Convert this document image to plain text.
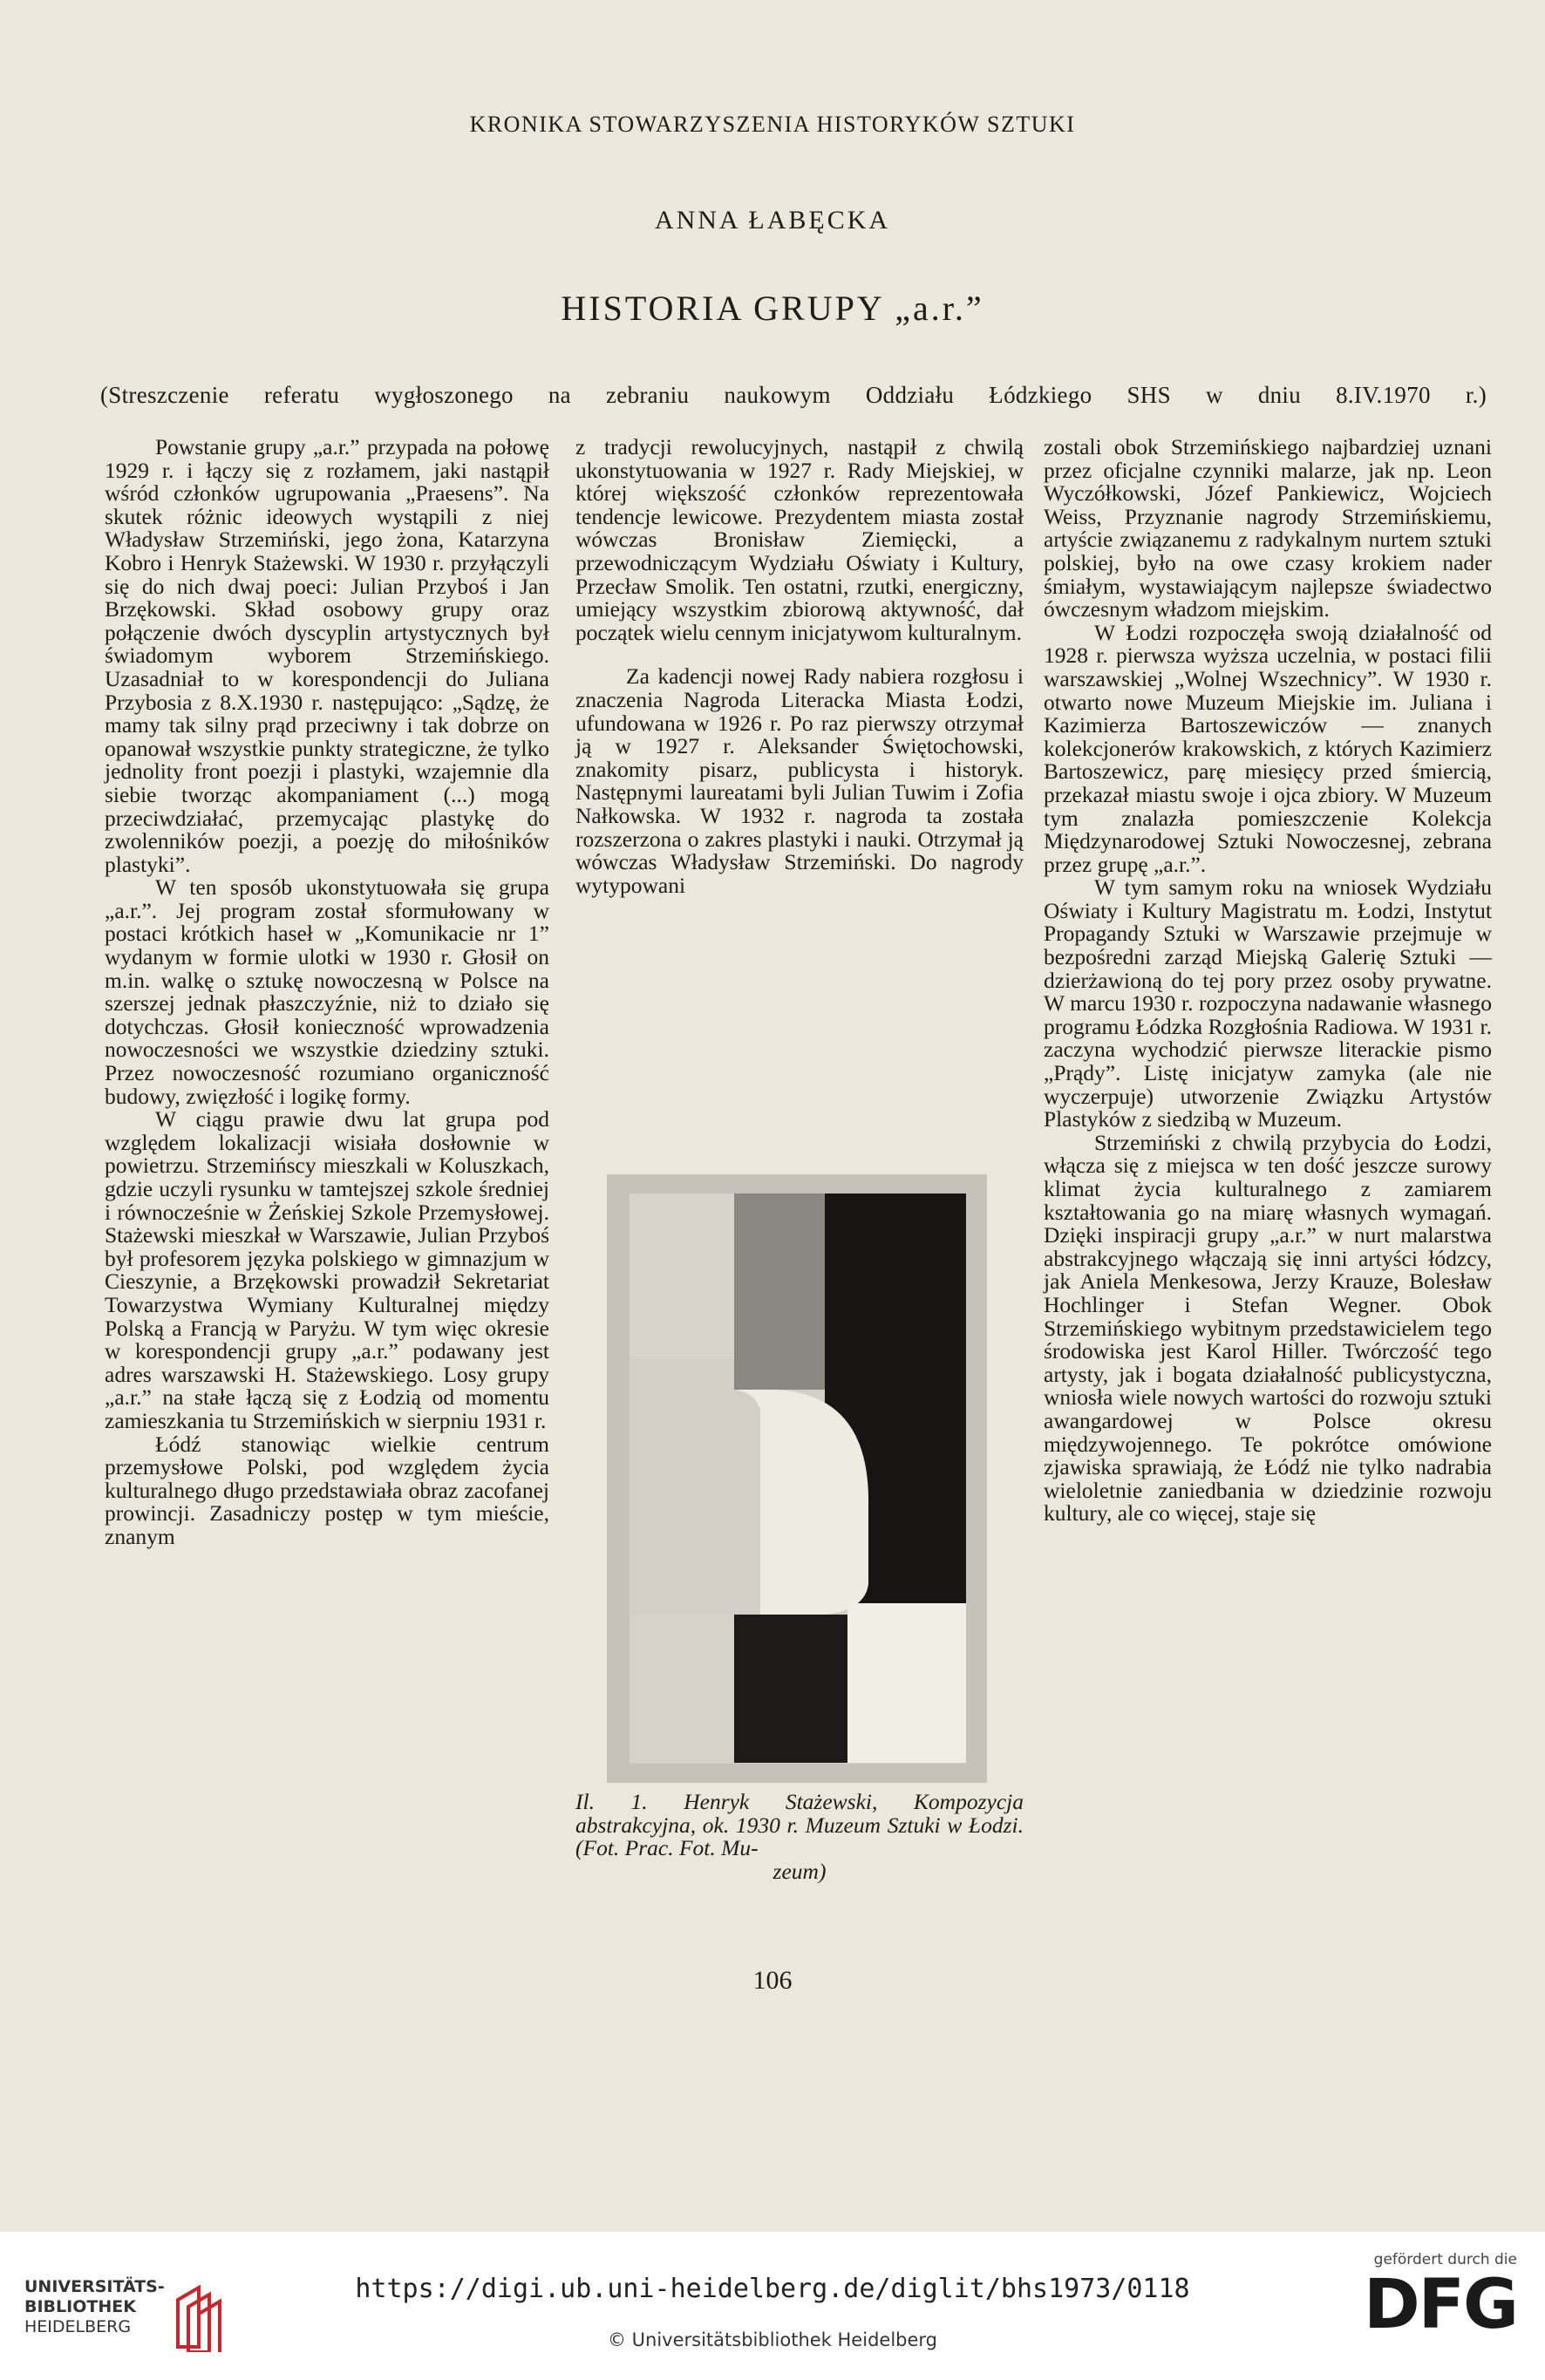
KRONIKA STOWARZYSZENIA HISTORYKÓW SZTUKI
ANNA ŁABĘCKA
HISTORIA GRUPY „a.r.”
(Streszczenie referatu wygłoszonego na zebraniu naukowym Oddziału Łódzkiego SHS w dniu 8.IV.1970 r.)

Powstanie grupy „a.r.” przypada na połowę 1929 r. i łączy się z rozłamem, jaki nastąpił wśród członków ugrupowania „Praesens”. Na skutek różnic ideowych wystąpili z niej Władysław Strzemiński, jego żona, Katarzyna Kobro i Henryk Stażewski. W 1930 r. przyłączyli się do nich dwaj poeci: Julian Przyboś i Jan Brzękowski. Skład osobowy grupy oraz połączenie dwóch dyscyplin artystycznych był świadomym wyborem Strzemińskiego. Uzasadniał to w korespondencji do Juliana Przybosia z 8.X.1930 r. następująco: „Sądzę, że mamy tak silny prąd przeciwny i tak dobrze on opanował wszystkie punkty strategiczne, że tylko jednolity front poezji i plastyki, wzajemnie dla siebie tworząc akompaniament (...) mogą przeciwdziałać, przemycając plastykę do zwolenników poezji, a poezję do miłośników plastyki”.

W ten sposób ukonstytuowała się grupa „a.r.”. Jej program został sformułowany w postaci krótkich haseł w „Komunikacie nr 1” wydanym w formie ulotki w 1930 r. Głosił on m.in. walkę o sztukę nowoczesną w Polsce na szerszej jednak płaszczyźnie, niż to działo się dotychczas. Głosił konieczność wprowadzenia nowoczesności we wszystkie dziedziny sztuki. Przez nowoczesność rozumiano organiczność budowy, zwięzłość i logikę formy.

W ciągu prawie dwu lat grupa pod względem lokalizacji wisiała dosłownie w powietrzu. Strzemińscy mieszkali w Koluszkach, gdzie uczyli rysunku w tamtejszej szkole średniej i równocześnie w Żeńskiej Szkole Przemysłowej. Stażewski mieszkał w Warszawie, Julian Przyboś był profesorem języka polskiego w gimnazjum w Cieszynie, a Brzękowski prowadził Sekretariat Towarzystwa Wymiany Kulturalnej między Polską a Francją w Paryżu. W tym więc okresie w korespondencji grupy „a.r.” podawany jest adres warszawski H. Stażewskiego. Losy grupy „a.r.” na stałe łączą się z Łodzią od momentu zamieszkania tu Strzemińskich w sierpniu 1931 r.

Łódź stanowiąc wielkie centrum przemysłowe Polski, pod względem życia kulturalnego długo przedstawiała obraz zacofanej prowincji. Zasadniczy postęp w tym mieście, znanym

z tradycji rewolucyjnych, nastąpił z chwilą ukonstytuowania w 1927 r. Rady Miejskiej, w której większość członków reprezentowała tendencje lewicowe. Prezydentem miasta został wówczas Bronisław Ziemięcki, a przewodniczącym Wydziału Oświaty i Kultury, Przecław Smolik. Ten ostatni, rzutki, energiczny, umiejący wszystkim zbiorową aktywność, dał początek wielu cennym inicjatywom kulturalnym.

Za kadencji nowej Rady nabiera rozgłosu i znaczenia Nagroda Literacka Miasta Łodzi, ufundowana w 1926 r. Po raz pierwszy otrzymał ją w 1927 r. Aleksander Świętochowski, znakomity pisarz, publicysta i historyk. Następnymi laureatami byli Julian Tuwim i Zofia Nałkowska. W 1932 r. nagroda ta została rozszerzona o zakres plastyki i nauki. Otrzymał ją wówczas Władysław Strzemiński. Do nagrody wytypowani

Il. 1. Henryk Stażewski, Kompozycja abstrakcyjna, ok. 1930 r. Muzeum Sztuki w Łodzi. (Fot. Prac. Fot. Mu-
zeum)

zostali obok Strzemińskiego najbardziej uznani przez oficjalne czynniki malarze, jak np. Leon Wyczółkowski, Józef Pankiewicz, Wojciech Weiss, Przyznanie nagrody Strzemińskiemu, artyście związanemu z radykalnym nurtem sztuki polskiej, było na owe czasy krokiem nader śmiałym, wystawiającym najlepsze świadectwo ówczesnym władzom miejskim.

W Łodzi rozpoczęła swoją działalność od 1928 r. pierwsza wyższa uczelnia, w postaci filii warszawskiej „Wolnej Wszechnicy”. W 1930 r. otwarto nowe Muzeum Miejskie im. Juliana i Kazimierza Bartoszewiczów — znanych kolekcjonerów krakowskich, z których Kazimierz Bartoszewicz, parę miesięcy przed śmiercią, przekazał miastu swoje i ojca zbiory. W Muzeum tym znalazła pomieszczenie Kolekcja Międzynarodowej Sztuki Nowoczesnej, zebrana przez grupę „a.r.”.

W tym samym roku na wniosek Wydziału Oświaty i Kultury Magistratu m. Łodzi, Instytut Propagandy Sztuki w Warszawie przejmuje w bezpośredni zarząd Miejską Galerię Sztuki — dzierżawioną do tej pory przez osoby prywatne. W marcu 1930 r. rozpoczyna nadawanie własnego programu Łódzka Rozgłośnia Radiowa. W 1931 r. zaczyna wychodzić pierwsze literackie pismo „Prądy”. Listę inicjatyw zamyka (ale nie wyczerpuje) utworzenie Związku Artystów Plastyków z siedzibą w Muzeum.

Strzemiński z chwilą przybycia do Łodzi, włącza się z miejsca w ten dość jeszcze surowy klimat życia kulturalnego z zamiarem kształtowania go na miarę własnych wymagań. Dzięki inspiracji grupy „a.r.” w nurt malarstwa abstrakcyjnego włączają się inni artyści łódzcy, jak Aniela Menkesowa, Jerzy Krauze, Bolesław Hochlinger i Stefan Wegner. Obok Strzemińskiego wybitnym przedstawicielem tego środowiska jest Karol Hiller. Twórczość tego artysty, jak i bogata działalność publicystyczna, wniosła wiele nowych wartości do rozwoju sztuki awangardowej w Polsce okresu międzywojennego. Te pokrótce omówione zjawiska sprawiają, że Łódź nie tylko nadrabia wieloletnie zaniedbania w dziedzinie rozwoju kultury, ale co więcej, staje się

106
UNIVERSITÄTS-
BIBLIOTHEK
HEIDELBERG
https://digi.ub.uni-heidelberg.de/diglit/bhs1973/0118
© Universitätsbibliothek Heidelberg
gefördert durch die
DFG
